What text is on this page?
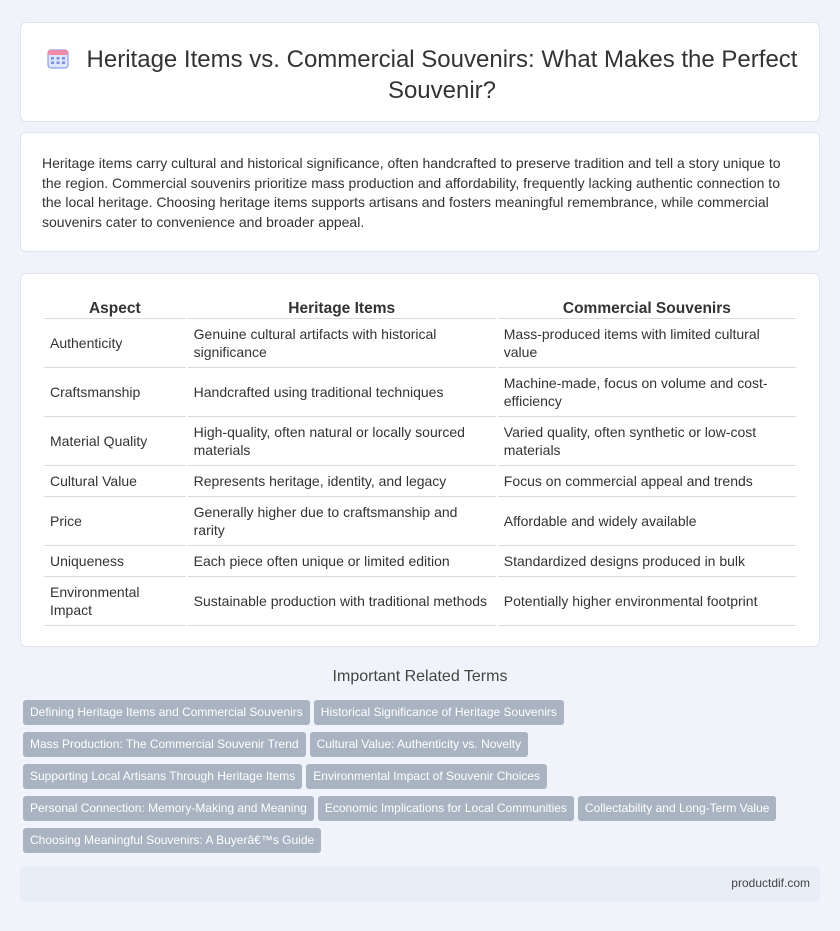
Heritage Items vs. Commercial Souvenirs: What Makes the Perfect Souvenir?

Heritage items carry cultural and historical significance, often handcrafted to preserve tradition and tell a story unique to the region. Commercial souvenirs prioritize mass production and affordability, frequently lacking authentic connection to the local heritage. Choosing heritage items supports artisans and fosters meaningful remembrance, while commercial souvenirs cater to convenience and broader appeal.

Aspect	Heritage Items	Commercial Souvenirs
Authenticity	Genuine cultural artifacts with historical significance	Mass-produced items with limited cultural value
Craftsmanship	Handcrafted using traditional techniques	Machine-made, focus on volume and cost-efficiency
Material Quality	High-quality, often natural or locally sourced materials	Varied quality, often synthetic or low-cost materials
Cultural Value	Represents heritage, identity, and legacy	Focus on commercial appeal and trends
Price	Generally higher due to craftsmanship and rarity	Affordable and widely available
Uniqueness	Each piece often unique or limited edition	Standardized designs produced in bulk
Environmental Impact	Sustainable production with traditional methods	Potentially higher environmental footprint
Important Related Terms
Defining Heritage Items and Commercial Souvenirs Historical Significance of Heritage Souvenirs
Mass Production: The Commercial Souvenir Trend Cultural Value: Authenticity vs. Novelty
Supporting Local Artisans Through Heritage Items Environmental Impact of Souvenir Choices
Personal Connection: Memory-Making and Meaning Economic Implications for Local Communities Collectability and Long-Term Value
Choosing Meaningful Souvenirs: A Buyerâ€™s Guide
productdif.com
